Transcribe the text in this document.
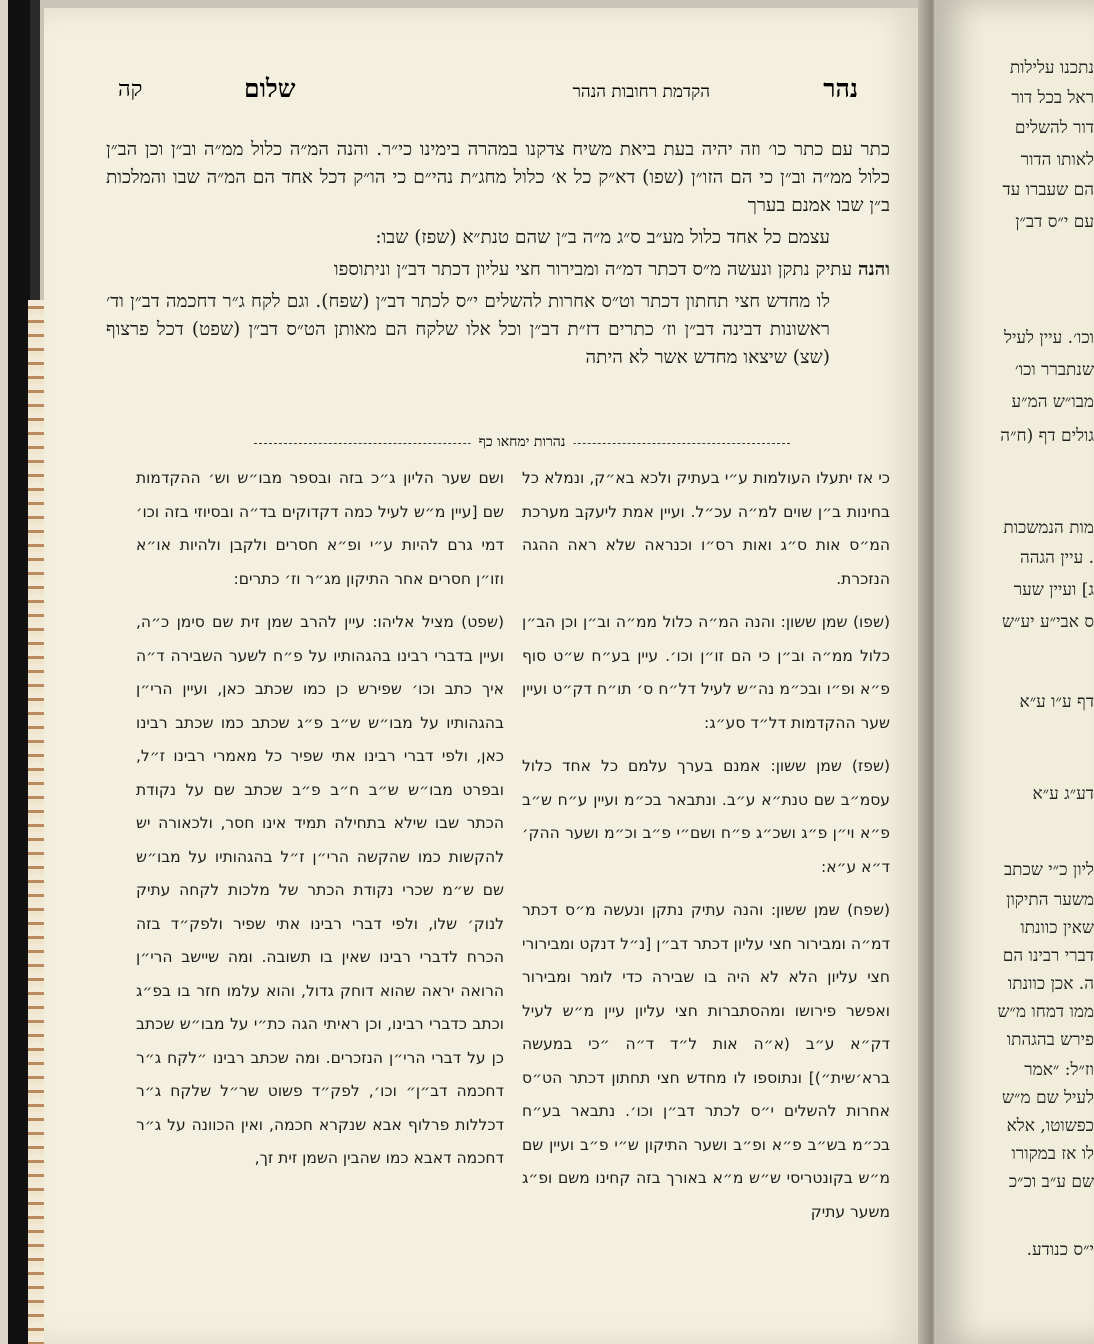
נהר
הקדמת רחובות הנהר
שלום
קה

כתר עם כתר כו׳ וזה יהיה בעת ביאת משיח צדקנו במהרה בימינו כי״ר. והנה המ״ה כלול ממ״ה וב״ן וכן הב״ן כלול ממ״ה וב״ן כי הם הזו״ן (שפו) דא״ק כל א׳ כלול מחג״ת נהי״ם כי הו״ק דכל אחד הם המ״ה שבו והמלכות ב״ן שבו אמנם בערך

עצמם כל אחד כלול מע״ב ס״ג מ״ה ב״ן שהם טנת״א (שפז) שבו:

והנה עתיק נתקן ונעשה מ״ס דכתר דמ״ה ומבירור חצי עליון דכתר דב״ן וניתוספו

לו מחדש חצי תחתון דכתר וט״ס אחרות להשלים י״ס לכתר דב״ן (שפח). וגם לקח ג״ר דחכמה דב״ן וד׳ ראשונות דבינה דב״ן וז׳ כתרים דז״ת דב״ן וכל אלו שלקח הם מאותן הט״ס דב״ן (שפט) דכל פרצוף (שצ) שיצאו מחדש אשר לא היתה

נהרות ימחאו כף

כי אז יתעלו העולמות ע״י בעתיק ולכא בא״ק, ונמלא כל בחינות ב״ן שוים למ״ה עכ״ל. ועיין אמת ליעקב מערכת המ״ס אות ס״ג ואות רס״ו וכנראה שלא ראה ההגה הנזכרת.

(שפו) שמן ששון: והנה המ״ה כלול ממ״ה וב״ן וכן הב״ן כלול ממ״ה וב״ן כי הם זו״ן וכו׳. עיין בע״ח ש״ט סוף פ״א ופ״ו ובכ״מ נה״ש לעיל דל״ח ס׳ תו״ח דק״ט ועיין שער ההקדמות דל״ד סע״ג:

(שפז) שמן ששון: אמנם בערך עלמם כל אחד כלול עסמ״ב שם טנת״א ע״ב. ונתבאר בכ״מ ועיין ע״ח ש״ב פ״א וי״ן פ״ג ושכ״ג פ״ח ושם״י פ״ב וכ״מ ושער ההק׳ ד״א ע״א:

(שפח) שמן ששון: והנה עתיק נתקן ונעשה מ״ס דכתר דמ״ה ומבירור חצי עליון דכתר דב״ן [נ״ל דנקט ומבירורי חצי עליון הלא לא היה בו שבירה כדי לומר ומבירור ואפשר פירושו ומהסתברות חצי עליון עיין מ״ש לעיל דק״א ע״ב (א״ה אות ל״ד ד״ה ״כי במעשה ברא׳שית״)] ונתוספו לו מחדש חצי תחתון דכתר הט״ס אחרות להשלים י״ס לכתר דב״ן וכו׳. נתבאר בע״ח בכ״מ בש״ב פ״א ופ״ב ושער התיקון ש״י פ״ב ועיין שם מ״ש בקונטריסי ש״ש מ״א באורך בזה קחינו משם ופ״ג משער עתיק

ושם שער הליון ג״כ בזה ובספר מבו״ש וש׳ ההקדמות שם [עיין מ״ש לעיל כמה דקדוקים בד״ה ובסיוזי בזה וכו׳ דמי גרם להיות ע״י ופ״א חסרים ולקבן ולהיות או״א וזו״ן חסרים אחר התיקון מג״ר וז׳ כתרים:

(שפט) מציל אליהו: עיין להרב שמן זית שם סימן כ״ה, ועיין בדברי רבינו בהגהותיו על פ״ח לשער השבירה ד״ה איך כתב וכו׳ שפירש כן כמו שכתב כאן, ועיין הרי״ן בהגהותיו על מבו״ש ש״ב פ״ג שכתב כמו שכתב רבינו כאן, ולפי דברי רבינו אתי שפיר כל מאמרי רבינו ז״ל, ובפרט מבו״ש ש״ב ח״ב פ״ב שכתב שם על נקודת הכתר שבו שילא בתחילה תמיד אינו חסר, ולכאורה יש להקשות כמו שהקשה הרי״ן ז״ל בהגהותיו על מבו״ש שם ש״מ שכרי נקודת הכתר של מלכות לקחה עתיק לנוק׳ שלו, ולפי דברי רבינו אתי שפיר ולפק״ד בזה הכרח לדברי רבינו שאין בו תשובה. ומה שיישב הרי״ן הרואה יראה שהוא דוחק גדול, והוא עלמו חזר בו בפ״ג וכתב כדברי רבינו, וכן ראיתי הגה כת״י על מבו״ש שכתב כן על דברי הרי״ן הנזכרים. ומה שכתב רבינו ״לקח ג״ר דחכמה דב״ן״ וכו׳, לפק״ד פשוט שר״ל שלקח ג״ר דכללות פרלוף אבא שנקרא חכמה, ואין הכוונה על ג״ר דחכמה דאבא כמו שהבין השמן זית זך,

נתכנו עלילות
ראל בכל דור
דור להשלים
לאותו הדור
הם שעברו עד
עם י״ס דב״ן
וכו׳. עיין לעיל
שנתברר וכו׳
מבו״ש המ״ע
גולים דף (ח״ה
מות הנמשכות
. עיין הגהה
ג] ועיין שער
ס אבי״ע יע״ש
דף ע״ו ע״א
דע״ג ע״א
ליון כ״י שכתב
משער התיקון
שאין כוונתו
דברי רבינו הם
ה. אכן כוונתו
ממו דמחו מ״ש
פירש בהגהתו
וז״ל: ״אמר
לעיל שם מ״ש
כפשוטו, אלא
לו אז במקורו
שם ע״ב וכ״כ
י״ס כנודע.
